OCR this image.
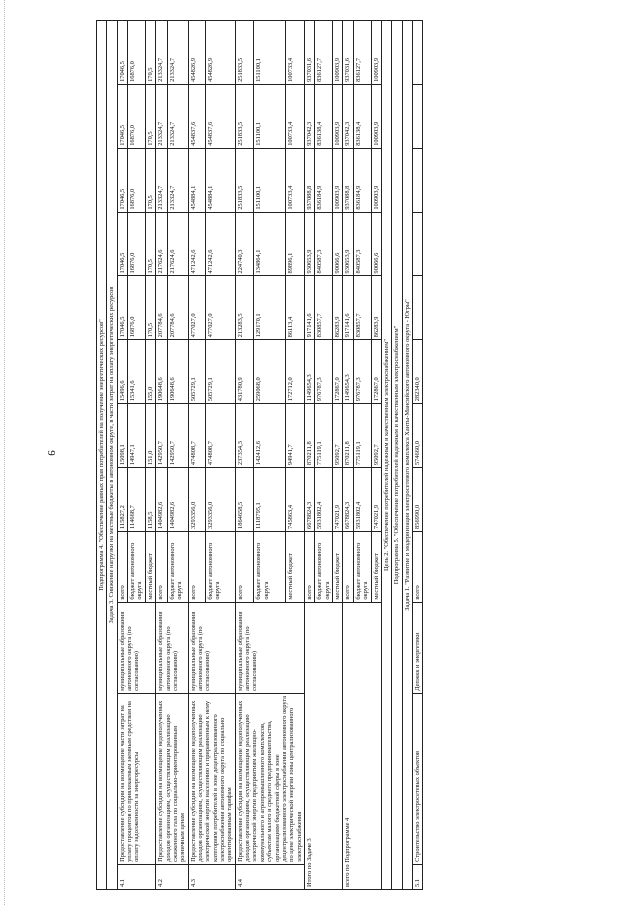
9	Подпрограмма 4. "Обеспечение равных прав потребителей на получение энергетических ресурсов"											
Задача 3. Снижение нагрузки на местные бюджеты в автономном округе, в части затрат на оплату энергетических ресурсов											
4.1	Предоставление субсидии на возмещение части затрат на уплату процентов по привлекаемым заемным средствам на оплату задолженности за энергоресурсы	муниципальные образования автономного округа (по согласованию)	всего	115827,2	15098,1	15496,6	17046,5	17046,5	17046,5	17046,5	17046,5
			бюджет автономного округа	114668,7	14947,1	15341,6	16876,0	16876,0	16876,0	16876,0	16876,0
			местный бюджет	1158,5	151,0	155,0	170,5	170,5	170,5	170,5	170,5
4.2	Предоставление субсидии на возмещение недополученных доходов организациям, осуществляющим реализацию сжиженного газа по социально-ориентированным розничным ценам	муниципальные образования автономного округа (по согласованию)	всего	1404982,6	142950,7	190648,6	207784,6	217624,6	213324,7	213324,7	213324,7
			бюджет автономного округа	1404982,6	142950,7	190648,6	207784,6	217624,6	213324,7	213324,7	213324,7
4.3	Предоставление субсидии на возмещение недополученных доходов организациям, осуществляющим реализацию электрической энергии населению и приравненным к нему категориям потребителей в зоне децентрализованного электроснабжения автономного округа по социально ориентированным тарифам	муниципальные образования автономного округа (по согласованию)	всего	3293356,0	474808,7	505729,1	477027,0	471242,6	454884,1	454837,6	454826,9
			бюджет автономного округа	3293356,0	474808,7	505729,1	477027,0	471242,6	454884,1	454837,6	454826,9
4.4	Предоставление субсидии на возмещение недополученных доходов организациям, осуществляющим реализацию электрической энергии предприятиям жилищно-коммунального и агропромышленного комплексов, субъектам малого и среднего предпринимательства, организациям бюджетной сферы в зоне децентрализованного электроснабжения автономного округа по цене электрической энергии зоны централизованного электроснабжения	муниципальные образования автономного округа (по согласованию)	всего	1864658,5	237354,3	431780,9	213283,5	224740,3	251833,5	251833,5	251833,5
			бюджет автономного округа	1118795,1	142412,6	259068,0	129170,1	134864,1	151100,1	151100,1	151100,1
			местный бюджет	745863,4	94941,7	172712,0	86113,4	89896,1	100733,4	100733,4	100733,4
Итого по Задаче 3			всего	6678824,3	870211,8	1149654,3	917141,6	930653,9	937088,8	937042,3	937031,6
			бюджет автономного округа	5931802,4	775119,1	976787,3	830857,7	840587,3	836184,9	836138,4	836127,7
			местный бюджет	747021,9	95092,7	172867,0	86283,9	90066,6	100903,9	100903,9	100903,9
всего по Подпрограмме 4			всего	6678824,3	870211,8	1149654,3	917141,6	930653,9	937088,8	937042,3	937031,6
			бюджет автономного округа	5931802,4	775119,1	976787,3	830857,7	840587,3	836184,9	836138,4	836127,7
			местный бюджет	747021,9	95092,7	172867,0	86283,9	90066,6	100903,9	100903,9	100903,9
Цель 2. "Обеспечение потребителей надежным и качественным электроснабжением"											
Подпрограмма 5. "Обеспечение потребителей надежным и качественным электроснабжением"											
Задача 1. "Развитие и модернизация электросетевого комплекса Ханты-Мансийского автономного округа - Югры"											
5.1	Строительство электросетевых объектов	Депжкк и энергетики	всего	856990,0	574660,0	282340,0					
